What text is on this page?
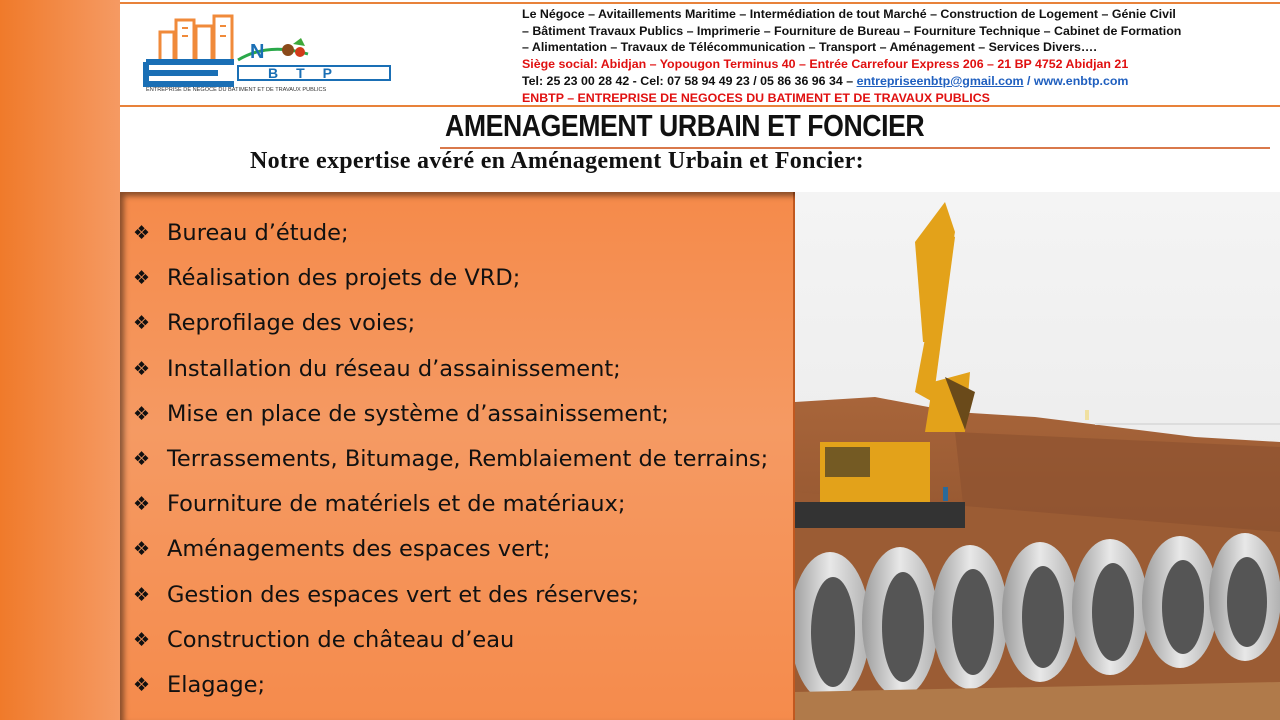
N
BTP
ENTREPRISE DE NEGOCE DU BATIMENT ET DE TRAVAUX PUBLICS
Le Négoce – Avitaillements Maritime – Intermédiation de tout Marché – Construction de Logement – Génie Civil
– Bâtiment Travaux Publics – Imprimerie – Fourniture de Bureau – Fourniture Technique – Cabinet de Formation
– Alimentation – Travaux de Télécommunication – Transport – Aménagement – Services Divers….
Siège social: Abidjan – Yopougon Terminus 40 – Entrée Carrefour Express 206 – 21 BP 4752 Abidjan 21
Tel: 25 23 00 28 42 - Cel: 07 58 94 49 23 / 05 86 36 96 34 – entrepriseenbtp@gmail.com / www.enbtp.com
ENBTP – ENTREPRISE DE NEGOCES DU BATIMENT ET DE TRAVAUX PUBLICS
AMENAGEMENT URBAIN ET FONCIER
Notre expertise avéré en Aménagement Urbain et Foncier:
❖ Bureau d’étude;
❖ Réalisation des projets de VRD;
❖ Reprofilage des voies;
❖ Installation du réseau d’assainissement;
❖ Mise en place de système d’assainissement;
❖ Terrassements, Bitumage, Remblaiement de terrains;
❖ Fourniture de matériels et de matériaux;
❖ Aménagements des espaces vert;
❖ Gestion des espaces vert et des réserves;
❖ Construction de château d’eau
❖ Elagage;
